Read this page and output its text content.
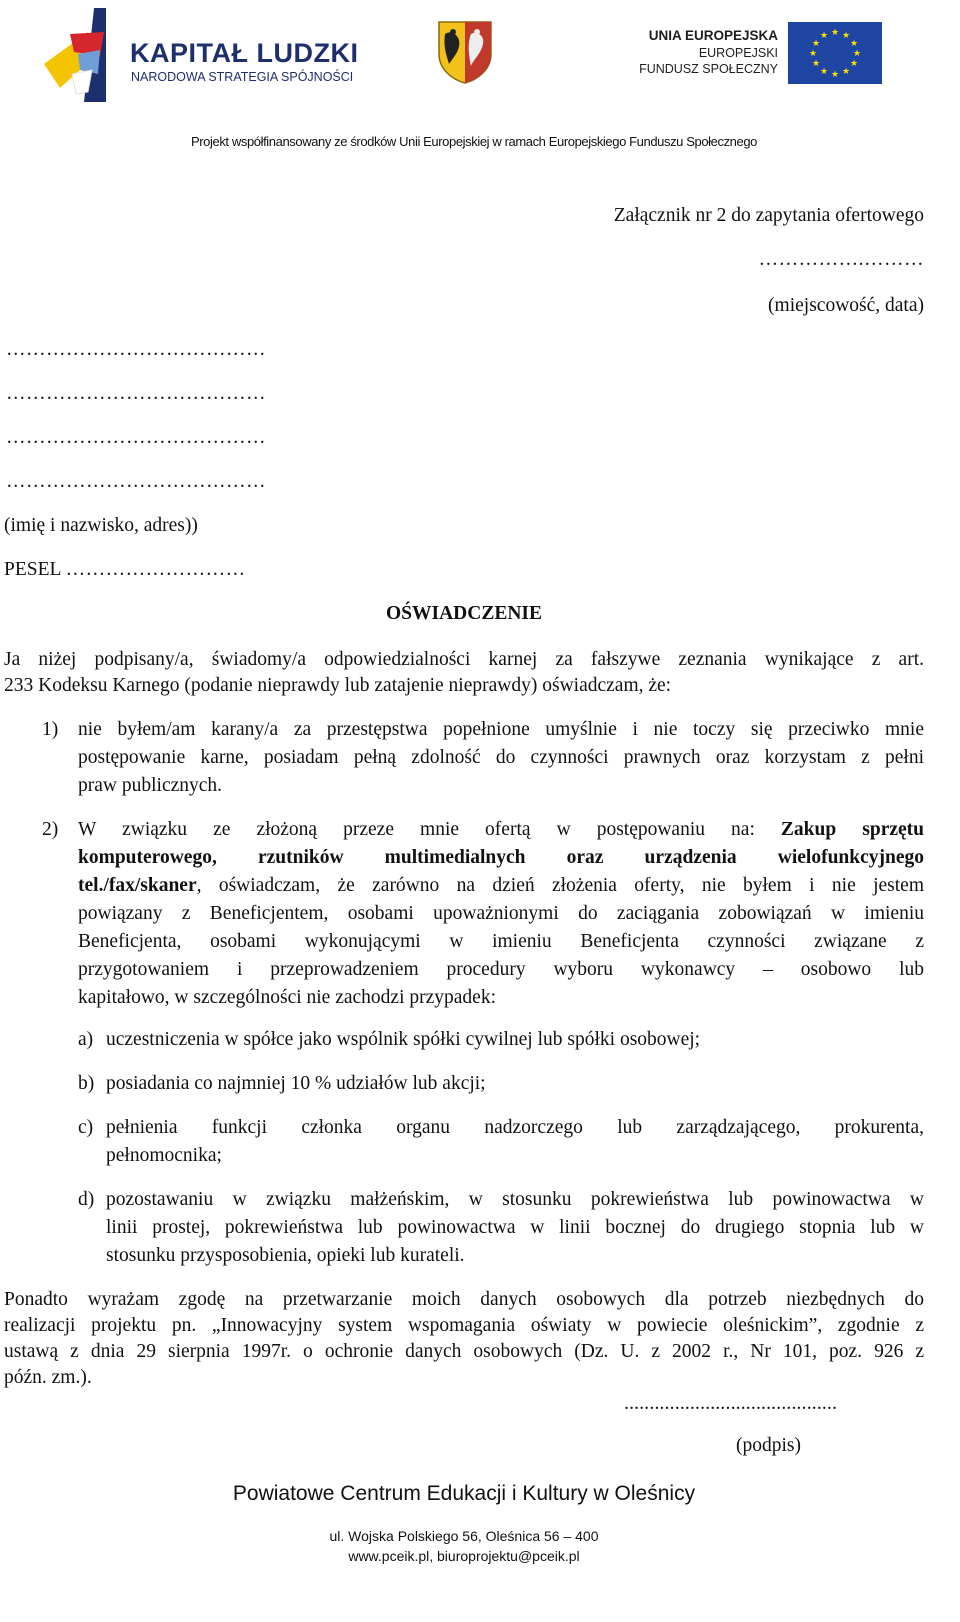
KAPITAŁ LUDZKI
NARODOWA STRATEGIA SPÓJNOŚCI
UNIA EUROPEJSKA
EUROPEJSKI
FUNDUSZ SPOŁECZNY
★ ★
★
★
★
★
★
★
★
★
★
★
Projekt współfinansowany ze środków Unii Europejskiej w ramach Europejskiego Funduszu Społecznego
Załącznik nr 2 do zapytania ofertowego
…………….………
(miejscowość, data)
…………………………………
…………………………………
…………………………………
…………………………………
(imię i nazwisko, adres))
PESEL ………………………
OŚWIADCZENIE
Ja niżej podpisany/a, świadomy/a odpowiedzialności karnej za fałszywe zeznania wynikające z art.
233 Kodeksu Karnego (podanie nieprawdy lub zatajenie nieprawdy) oświadczam, że:
1) nie byłem/am karany/a za przestępstwa popełnione umyślnie i nie toczy się przeciwko mnie
postępowanie karne, posiadam pełną zdolność do czynności prawnych oraz korzystam z pełni
praw publicznych.
2) W związku ze złożoną przeze mnie ofertą w postępowaniu na: Zakup sprzętu
komputerowego, rzutników multimedialnych oraz urządzenia wielofunkcyjnego
tel./fax/skaner, oświadczam, że zarówno na dzień złożenia oferty, nie byłem i nie jestem
powiązany z Beneficjentem, osobami upoważnionymi do zaciągania zobowiązań w imieniu
Beneficjenta, osobami wykonującymi w imieniu Beneficjenta czynności związane z
przygotowaniem i przeprowadzeniem procedury wyboru wykonawcy – osobowo lub
kapitałowo, w szczególności nie zachodzi przypadek:
a) uczestniczenia w spółce jako wspólnik spółki cywilnej lub spółki osobowej;
b) posiadania co najmniej 10 % udziałów lub akcji;
c) pełnienia funkcji członka organu nadzorczego lub zarządzającego, prokurenta,
pełnomocnika;
d) pozostawaniu w związku małżeńskim, w stosunku pokrewieństwa lub powinowactwa w
linii prostej, pokrewieństwa lub powinowactwa w linii bocznej do drugiego stopnia lub w
stosunku przysposobienia, opieki lub kurateli.
Ponadto wyrażam zgodę na przetwarzanie moich danych osobowych dla potrzeb niezbędnych do
realizacji projektu pn. „Innowacyjny system wspomagania oświaty w powiecie oleśnickim”, zgodnie z
ustawą z dnia 29 sierpnia 1997r. o ochronie danych osobowych (Dz. U. z 2002 r., Nr 101, poz. 926 z
późn. zm.).
..........................................
(podpis)
Powiatowe Centrum Edukacji i Kultury w Oleśnicy
ul. Wojska Polskiego 56, Oleśnica 56 – 400
www.pceik.pl, biuroprojektu@pceik.pl
